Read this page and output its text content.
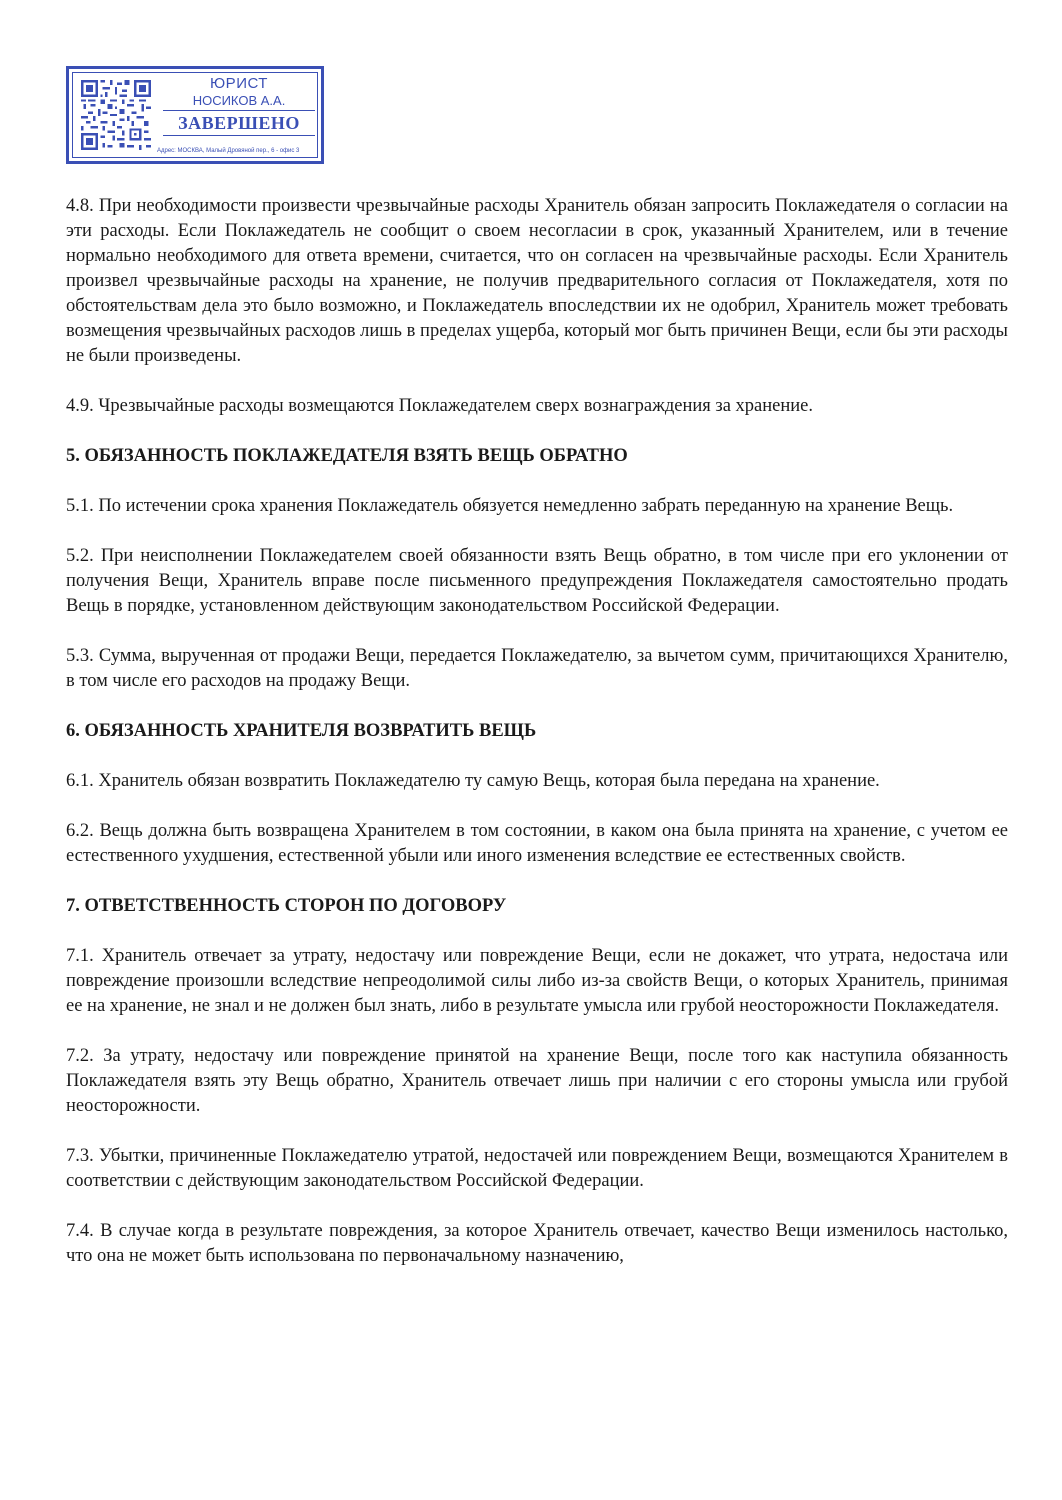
ЮРИСТ
НОСИКОВ А.А.
ЗАВЕРШЕНО
Адрес: МОСКВА, Малый Дровяной пер., 6 - офис 3

4.8. При необходимости произвести чрезвычайные расходы Хранитель обязан запросить Поклажедателя о согласии на эти расходы. Если Поклажедатель не сообщит о своем несогласии в срок, указанный Хранителем, или в течение нормально необходимого для ответа времени, считается, что он согласен на чрезвычайные расходы. Если Хранитель произвел чрезвычайные расходы на хранение, не получив предварительного согласия от Поклажедателя, хотя по обстоятельствам дела это было возможно, и Поклажедатель впоследствии их не одобрил, Хранитель может требовать возмещения чрезвычайных расходов лишь в пределах ущерба, который мог быть причинен Вещи, если бы эти расходы не были произведены.

4.9. Чрезвычайные расходы возмещаются Поклажедателем сверх вознаграждения за хранение.

5. ОБЯЗАННОСТЬ ПОКЛАЖЕДАТЕЛЯ ВЗЯТЬ ВЕЩЬ ОБРАТНО

5.1. По истечении срока хранения Поклажедатель обязуется немедленно забрать переданную на хранение Вещь.

5.2. При неисполнении Поклажедателем своей обязанности взять Вещь обратно, в том числе при его уклонении от получения Вещи, Хранитель вправе после письменного предупреждения Поклажедателя самостоятельно продать Вещь в порядке, установленном действующим законодательством Российской Федерации.

5.3. Сумма, вырученная от продажи Вещи, передается Поклажедателю, за вычетом сумм, причитающихся Хранителю, в том числе его расходов на продажу Вещи.

6. ОБЯЗАННОСТЬ ХРАНИТЕЛЯ ВОЗВРАТИТЬ ВЕЩЬ

6.1. Хранитель обязан возвратить Поклажедателю ту самую Вещь, которая была передана на хранение.

6.2. Вещь должна быть возвращена Хранителем в том состоянии, в каком она была принята на хранение, с учетом ее естественного ухудшения, естественной убыли или иного изменения вследствие ее естественных свойств.

7. ОТВЕТСТВЕННОСТЬ СТОРОН ПО ДОГОВОРУ

7.1. Хранитель отвечает за утрату, недостачу или повреждение Вещи, если не докажет, что утрата, недостача или повреждение произошли вследствие непреодолимой силы либо из-за свойств Вещи, о которых Хранитель, принимая ее на хранение, не знал и не должен был знать, либо в результате умысла или грубой неосторожности Поклажедателя.

7.2. За утрату, недостачу или повреждение принятой на хранение Вещи, после того как наступила обязанность Поклажедателя взять эту Вещь обратно, Хранитель отвечает лишь при наличии с его стороны умысла или грубой неосторожности.

7.3. Убытки, причиненные Поклажедателю утратой, недостачей или повреждением Вещи, возмещаются Хранителем в соответствии с действующим законодательством Российской Федерации.

7.4. В случае когда в результате повреждения, за которое Хранитель отвечает, качество Вещи изменилось настолько, что она не может быть использована по первоначальному назначению,
